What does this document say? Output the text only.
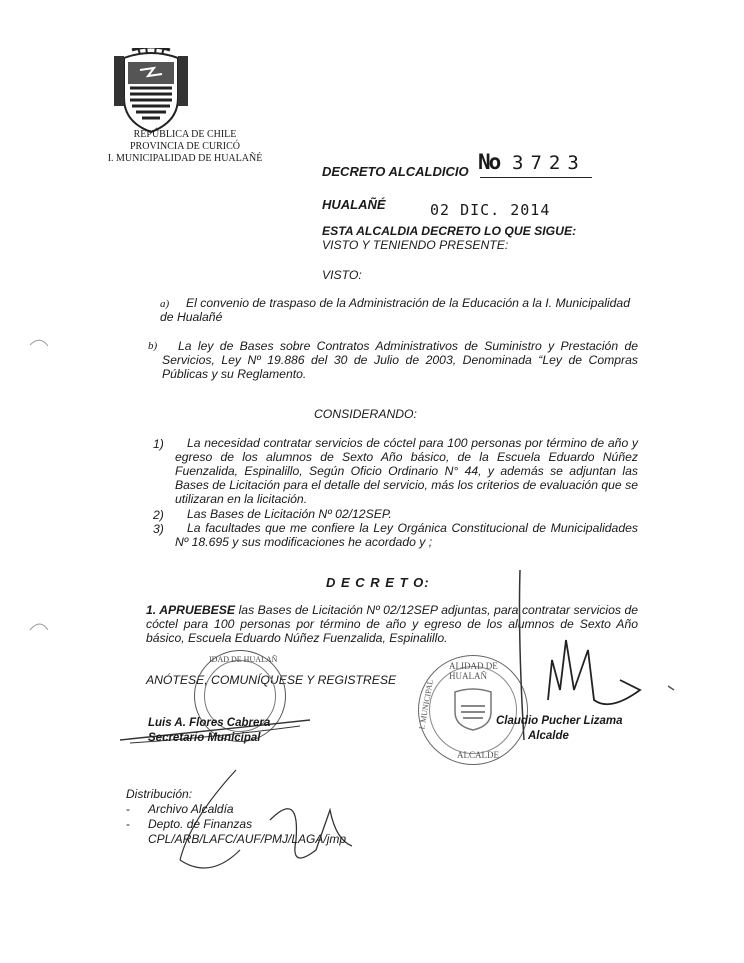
REPÚBLICA DE CHILE
PROVINCIA DE CURICÓ
I. MUNICIPALIDAD DE HUALAÑÉ
DECRETO ALCALDICIO No 3723
HUALAÑÉ	02 DIC. 2014
ESTA ALCALDIA DECRETO LO QUE SIGUE:
VISTO Y TENIENDO PRESENTE:
VISTO:
a)	El convenio de traspaso de la Administración de la Educación a la I. Municipalidad de Hualañé
b)	La ley de Bases sobre Contratos Administrativos de Suministro y Prestación de Servicios, Ley Nº 19.886 del 30 de Julio de 2003, Denominada “Ley de Compras Públicas y su Reglamento.
CONSIDERANDO:
1)	La necesidad contratar servicios de cóctel para 100 personas por término de año y egreso de los alumnos de Sexto Año básico, de la Escuela Eduardo Núñez Fuenzalida, Espinalillo, Según Oficio Ordinario N° 44, y además se adjuntan las Bases de Licitación para el detalle del servicio, más los criterios de evaluación que se utilizaran en la licitación.
2) Las Bases de Licitación Nº 02/12SEP.
3)	La facultades que me confiere la Ley Orgánica Constitucional de Municipalidades Nº 18.695 y sus modificaciones he acordado y ;
D E C R E T O:
1. APRUEBESE las Bases de Licitación Nº 02/12SEP adjuntas, para contratar servicios de cóctel para 100 personas por término de año y egreso de los alumnos de Sexto Año básico, Escuela Eduardo Núñez Fuenzalida, Espinalillo.
ANÓTESE, COMUNÍQUESE Y REGISTRESE
IDAD DE HUALAÑ
ALIDAD DE HUALAÑ
I. MUNICIPAL
ALCALDE
Luis A. Flores Cabrera
Secretario Municipal
Claudio Pucher Lizama
Alcalde
Distribución:
- Archivo Alcaldía
- Depto. de Finanzas
CPL/ARB/LAFC/AUF/PMJ/LAGA/jmp
